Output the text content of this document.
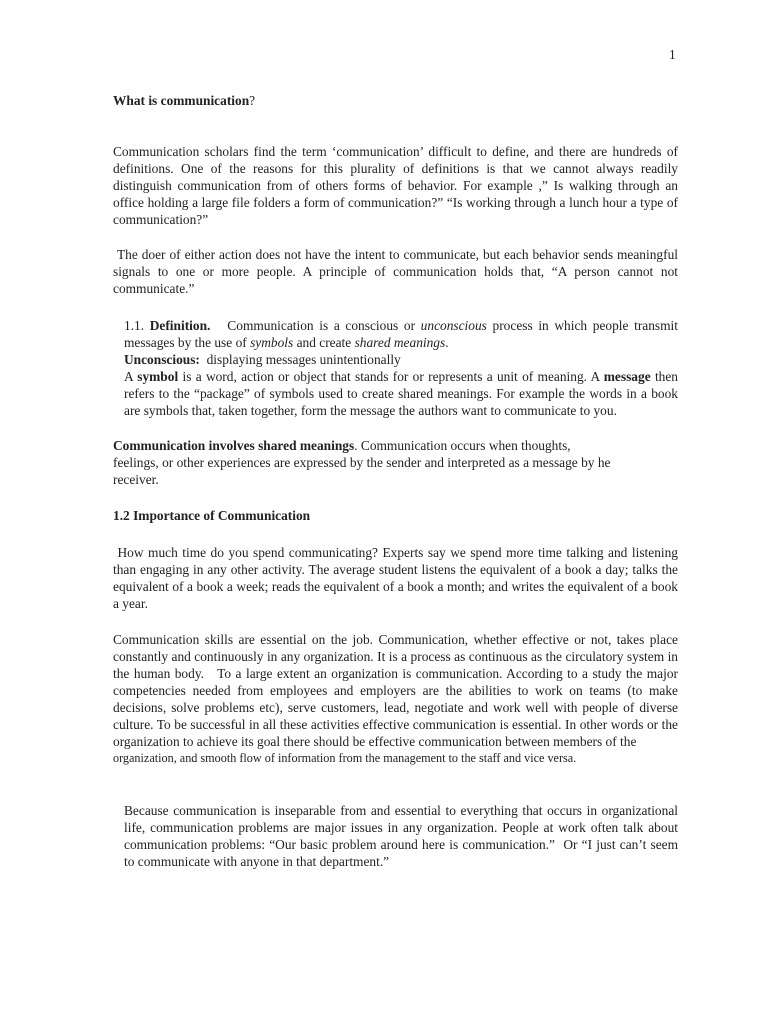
1
What is communication?

Communication scholars find the term ‘communication’ difficult to define, and there are hundreds of definitions. One of the reasons for this plurality of definitions is that we cannot always readily distinguish communication from of others forms of behavior. For example ,” Is walking through an office holding a large file folders a form of communication?” “Is working through a lunch hour a type of communication?”

The doer of either action does not have the intent to communicate, but each behavior sends meaningful signals to one or more people. A principle of communication holds that, “A person cannot not communicate.”

1.1. Definition.   Communication is a conscious or unconscious process in which people transmit messages by the use of symbols and create shared meanings.

Unconscious:  displaying messages unintentionally

A symbol is a word, action or object that stands for or represents a unit of meaning. A message then refers to the “package” of symbols used to create shared meanings. For example the words in a book are symbols that, taken together, form the message the authors want to communicate to you.

Communication involves shared meanings. Communication occurs when thoughts,
feelings, or other experiences are expressed by the sender and interpreted as a message by he
receiver.
1.2 Importance of Communication

How much time do you spend communicating? Experts say we spend more time talking and listening than engaging in any other activity. The average student listens the equivalent of a book a day; talks the equivalent of a book a week; reads the equivalent of a book a month; and writes the equivalent of a book a year.

Communication skills are essential on the job. Communication, whether effective or not, takes place constantly and continuously in any organization. It is a process as continuous as the circulatory system in the human body.   To a large extent an organization is communication. According to a study the major competencies needed from employees and employers are the abilities to work on teams (to make decisions, solve problems etc), serve customers, lead, negotiate and work well with people of diverse culture. To be successful in all these activities effective communication is essential. In other words or the organization to achieve its goal there should be effective communication between members of the

organization, and smooth flow of information from the management to the staff and vice versa.

Because communication is inseparable from and essential to everything that occurs in organizational life, communication problems are major issues in any organization. People at work often talk about communication problems: “Our basic problem around here is communication.”  Or “I just can’t seem to communicate with anyone in that department.”
